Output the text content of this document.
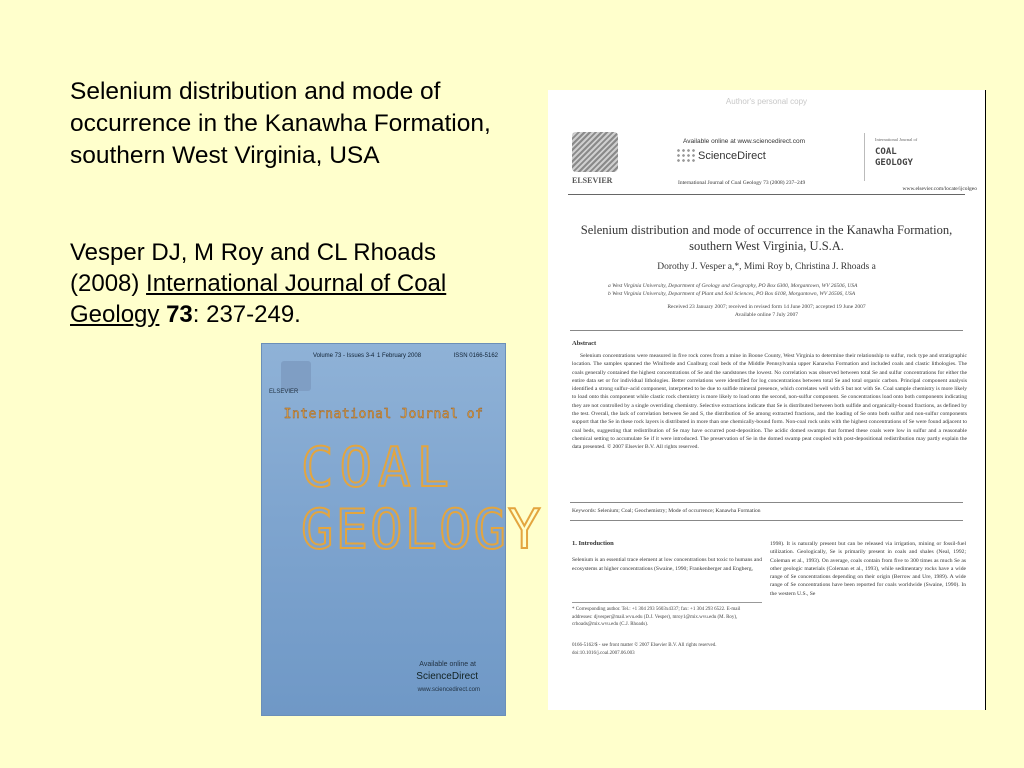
Selenium distribution and mode of occurrence in the Kanawha Formation, southern West Virginia, USA
Vesper DJ, M Roy and CL Rhoads (2008) International Journal of Coal Geology 73: 237-249.
Volume 73 - Issues 3-4 1 February 2008	ISSN 0166-5162
ELSEVIER
International Journal of
COAL
GEOLOGY
Available online at
ScienceDirect
www.sciencedirect.com
Author's personal copy
ELSEVIER
Available online at www.sciencedirect.com
ScienceDirect
International Journal of Coal Geology 73 (2008) 237–249
International Journal of
COAL GEOLOGY
www.elsevier.com/locate/ijcolgeo
Selenium distribution and mode of occurrence in the Kanawha Formation, southern West Virginia, U.S.A.
Dorothy J. Vesper a,*, Mimi Roy b, Christina J. Rhoads a
a West Virginia University, Department of Geology and Geography, PO Box 6300, Morgantown, WV 26506, USA
b West Virginia University, Department of Plant and Soil Sciences, PO Box 6108, Morgantown, WV 26506, USA
Received 23 January 2007; received in revised form 14 June 2007; accepted 19 June 2007
Available online 7 July 2007
Abstract
Selenium concentrations were measured in five rock cores from a mine in Boone County, West Virginia to determine their relationship to sulfur, rock type and stratigraphic location. The samples spanned the Winifrede and Coalburg coal beds of the Middle Pennsylvania upper Kanawha Formation and included coals and clastic lithologies. The coals generally contained the highest concentrations of Se and the sandstones the lowest. No correlation was observed between total Se and sulfur concentrations for either the entire data set or for individual lithologies. Better correlations were identified for log concentrations between total Se and total organic carbon. Principal component analysis identified a strong sulfur–acid component, interpreted to be due to sulfide mineral presence, which correlates well with S but not with Se. Coal sample chemistry is more likely to load onto this component while clastic rock chemistry is more likely to load onto the second, non-sulfur component. Se concentrations load onto both components indicating they are not controlled by a single overriding chemistry. Selective extractions indicate that Se is distributed between both sulfide and organically-bound fractions, as defined by the test. Overall, the lack of correlation between Se and S, the distribution of Se among extracted fractions, and the loading of Se onto both sulfur and non-sulfur components support that the Se in these rock layers is distributed in more than one chemically-bound form. Non-coal rock units with the highest concentrations of Se were found adjacent to coal beds, suggesting that redistribution of Se may have occurred post-deposition. The acidic domed swamps that formed these coals were low in sulfur and a reasonable chemical setting to accumulate Se if it were introduced. The preservation of Se in the domed swamp peat coupled with post-depositional redistribution may partly explain the data presented. © 2007 Elsevier B.V. All rights reserved.
Keywords: Selenium; Coal; Geochemistry; Mode of occurrence; Kanawha Formation
1. Introduction
Selenium is an essential trace element at low concentrations but toxic to humans and ecosystems at higher concentrations (Swaine, 1990; Frankenberger and Engberg,
1998). It is naturally present but can be released via irrigation, mining or fossil-fuel utilization. Geologically, Se is primarily present in coals and shales (Neal, 1992; Coleman et al., 1993). On average, coals contain from five to 300 times as much Se as other geologic materials (Coleman et al., 1993), while sedimentary rocks have a wide range of Se concentrations depending on their origin (Berrow and Ure, 1989). A wide range of Se concentrations have been reported for coals worldwide (Swaine, 1990). In the western U.S., Se
* Corresponding author. Tel.: +1 304 293 5603x4337; fax: +1 304 293 6522. E-mail addresses: djvesper@mail.wvu.edu (D.J. Vesper), mroy1@mix.wvu.edu (M. Roy), crhoads@mix.wvu.edu (C.J. Rhoads).
0166-5162/$ - see front matter © 2007 Elsevier B.V. All rights reserved. doi:10.1016/j.coal.2007.06.003
